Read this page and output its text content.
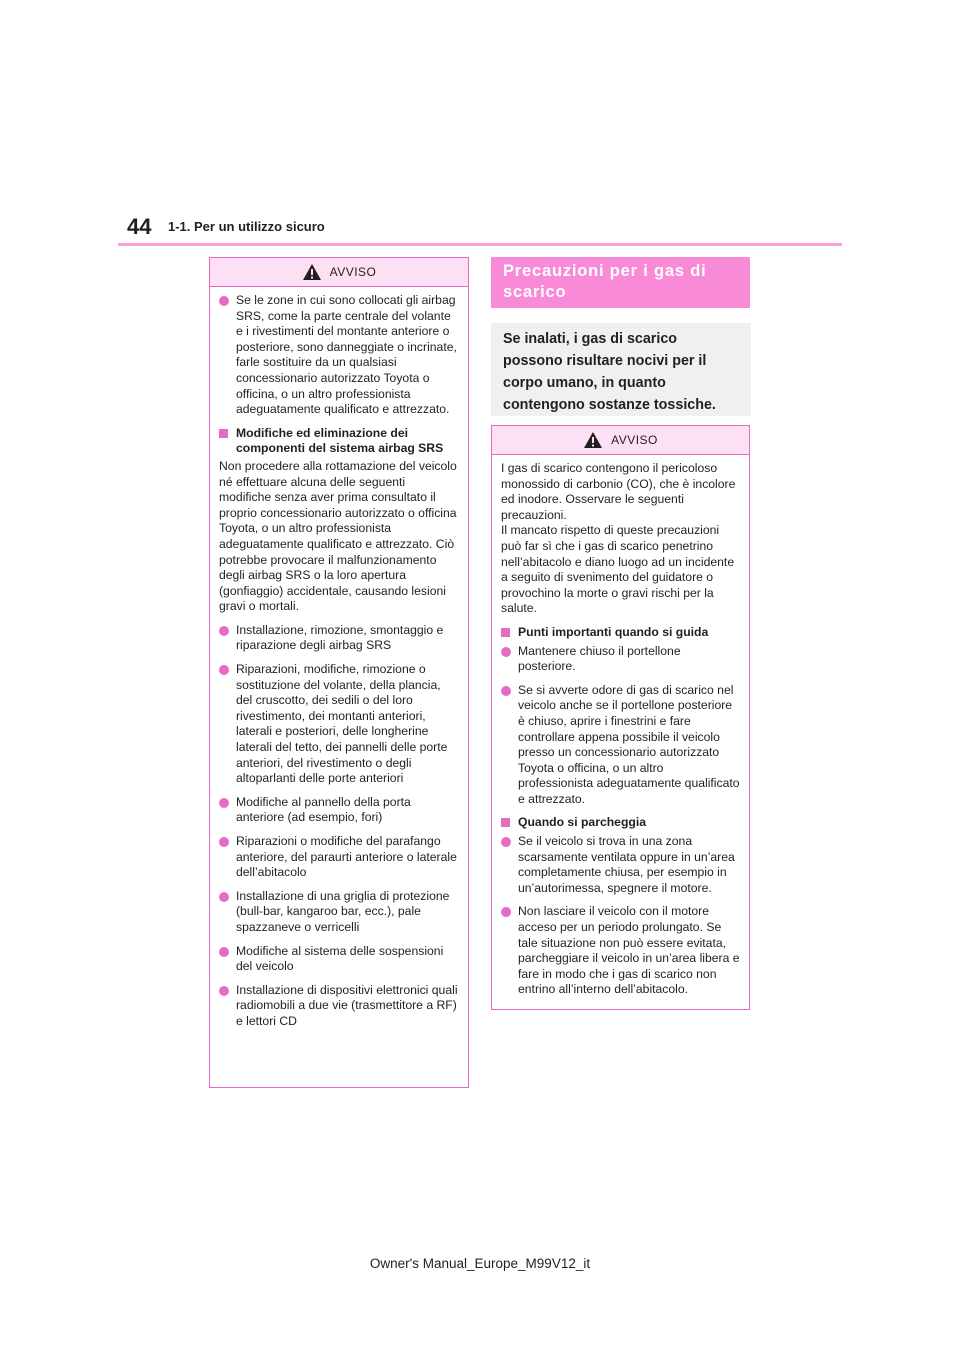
44 1-1. Per un utilizzo sicuro
AVVISO
Se le zone in cui sono collocati gli airbag SRS, come la parte centrale del volante e i rivestimenti del montante anteriore o posteriore, sono danneggiate o incrinate, farle sostituire da un qualsiasi concessionario autorizzato Toyota o officina, o un altro professionista adeguatamente qualificato e attrezzato.
Modifiche ed eliminazione dei componenti del sistema airbag SRS
Non procedere alla rottamazione del veicolo né effettuare alcuna delle seguenti modifiche senza aver prima consultato il proprio concessionario autorizzato o officina Toyota, o un altro professionista adeguatamente qualificato e attrezzato. Ciò potrebbe provocare il malfunzionamento degli airbag SRS o la loro apertura (gonfiaggio) accidentale, causando lesioni gravi o mortali.
Installazione, rimozione, smontaggio e riparazione degli airbag SRS
Riparazioni, modifiche, rimozione o sostituzione del volante, della plancia, del cruscotto, dei sedili o del loro rivestimento, dei montanti anteriori, laterali e posteriori, delle longherine laterali del tetto, dei pannelli delle porte anteriori, del rivestimento o degli altoparlanti delle porte anteriori
Modifiche al pannello della porta anteriore (ad esempio, fori)
Riparazioni o modifiche del parafango anteriore, del paraurti anteriore o laterale dell’abitacolo
Installazione di una griglia di protezione (bull-bar, kangaroo bar, ecc.), pale spazzaneve o verricelli
Modifiche al sistema delle sospensioni del veicolo
Installazione di dispositivi elettronici quali radiomobili a due vie (trasmettitore a RF) e lettori CD
Precauzioni per i gas di scarico
Se inalati, i gas di scarico possono risultare nocivi per il corpo umano, in quanto contengono sostanze tossiche.
AVVISO
I gas di scarico contengono il pericoloso monossido di carbonio (CO), che è incolore ed inodore. Osservare le seguenti precauzioni.
Il mancato rispetto di queste precauzioni può far sì che i gas di scarico penetrino nell’abitacolo e diano luogo ad un incidente a seguito di svenimento del guidatore o provochino la morte o gravi rischi per la salute.
Punti importanti quando si guida
Mantenere chiuso il portellone posteriore.
Se si avverte odore di gas di scarico nel veicolo anche se il portellone posteriore è chiuso, aprire i finestrini e fare controllare appena possibile il veicolo presso un concessionario autorizzato Toyota o officina, o un altro professionista adeguatamente qualificato e attrezzato.
Quando si parcheggia
Se il veicolo si trova in una zona scarsamente ventilata oppure in un’area completamente chiusa, per esempio in un’autorimessa, spegnere il motore.
Non lasciare il veicolo con il motore acceso per un periodo prolungato. Se tale situazione non può essere evitata, parcheggiare il veicolo in un’area libera e fare in modo che i gas di scarico non entrino all’interno dell’abitacolo.
Owner's Manual_Europe_M99V12_it
